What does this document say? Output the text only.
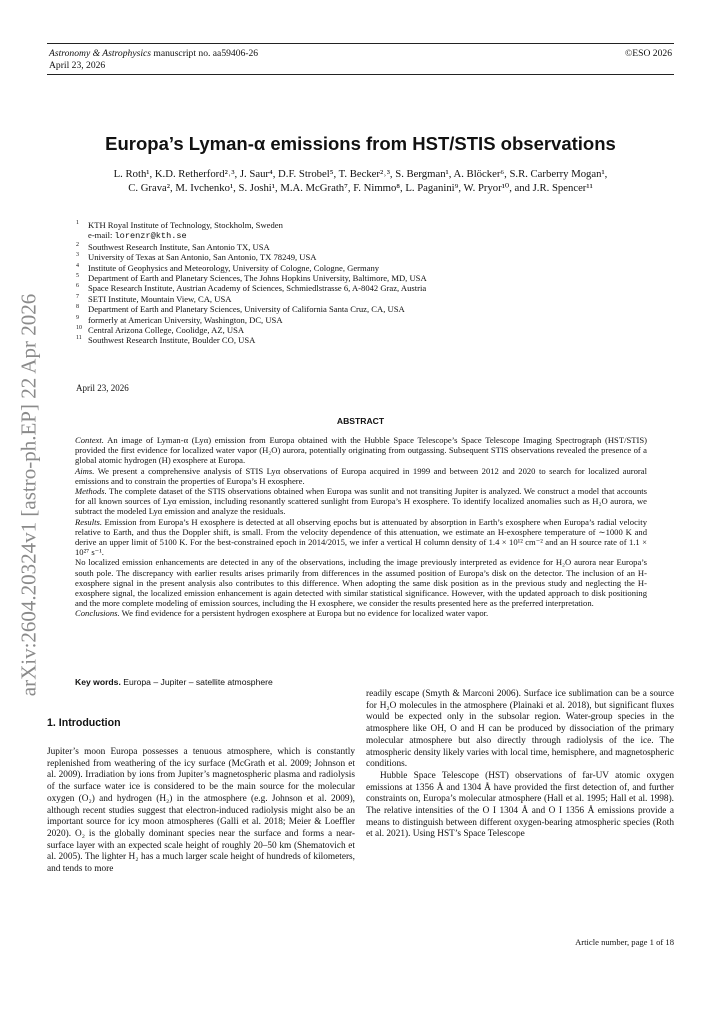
Astronomy & Astrophysics manuscript no. aa59406-26
April 23, 2026
©ESO 2026
arXiv:2604.20324v1 [astro-ph.EP] 22 Apr 2026
Europa’s Lyman-α emissions from HST/STIS observations
L. Roth¹, K.D. Retherford²˒³, J. Saur⁴, D.F. Strobel⁵, T. Becker²˒³, S. Bergman¹, A. Blöcker⁶, S.R. Carberry Mogan¹,
C. Grava², M. Ivchenko¹, S. Joshi¹, M.A. McGrath⁷, F. Nimmo⁸, L. Paganini⁹, W. Pryor¹⁰, and J.R. Spencer¹¹
1 KTH Royal Institute of Technology, Stockholm, Sweden
e-mail: lorenzr@kth.se
2 Southwest Research Institute, San Antonio TX, USA
3 University of Texas at San Antonio, San Antonio, TX 78249, USA
4 Institute of Geophysics and Meteorology, University of Cologne, Cologne, Germany
5 Department of Earth and Planetary Sciences, The Johns Hopkins University, Baltimore, MD, USA
6 Space Research Institute, Austrian Academy of Sciences, Schmiedlstrasse 6, A-8042 Graz, Austria
7 SETI Institute, Mountain View, CA, USA
8 Department of Earth and Planetary Sciences, University of California Santa Cruz, CA, USA
9 formerly at American University, Washington, DC, USA
10 Central Arizona College, Coolidge, AZ, USA
11 Southwest Research Institute, Boulder CO, USA
April 23, 2026
ABSTRACT

Context. An image of Lyman-α (Lyα) emission from Europa obtained with the Hubble Space Telescope’s Space Telescope Imaging Spectrograph (HST/STIS) provided the first evidence for localized water vapor (H₂O) aurora, potentially originating from outgassing. Subsequent STIS observations revealed the presence of a global atomic hydrogen (H) exosphere at Europa.

Aims. We present a comprehensive analysis of STIS Lyα observations of Europa acquired in 1999 and between 2012 and 2020 to search for localized auroral emissions and to constrain the properties of Europa’s H exosphere.

Methods. The complete dataset of the STIS observations obtained when Europa was sunlit and not transiting Jupiter is analyzed. We construct a model that accounts for all known sources of Lyα emission, including resonantly scattered sunlight from Europa’s H exosphere. To identify localized anomalies such as H₂O aurora, we subtract the modeled Lyα emission and analyze the residuals.

Results. Emission from Europa’s H exosphere is detected at all observing epochs but is attenuated by absorption in Earth’s exosphere when Europa’s radial velocity relative to Earth, and thus the Doppler shift, is small. From the velocity dependence of this attenuation, we estimate an H-exosphere temperature of ∼1000 K and derive an upper limit of 5100 K. For the best-constrained epoch in 2014/2015, we infer a vertical H column density of 1.4 × 10¹² cm⁻² and an H source rate of 1.1 × 10²⁷ s⁻¹.

No localized emission enhancements are detected in any of the observations, including the image previously interpreted as evidence for H₂O aurora near Europa’s south pole. The discrepancy with earlier results arises primarily from differences in the assumed position of Europa’s disk on the detector. The inclusion of an H-exosphere signal in the present analysis also contributes to this difference. When adopting the same disk position as in the previous study and neglecting the H-exosphere signal, the localized emission enhancement is again detected with similar statistical significance. However, with the updated approach to disk positioning and the more complete modeling of emission sources, including the H exosphere, we consider the results presented here as the preferred interpretation.

Conclusions. We find evidence for a persistent hydrogen exosphere at Europa but no evidence for localized water vapor.

Key words. Europa – Jupiter – satellite atmosphere
1. Introduction

Jupiter’s moon Europa possesses a tenuous atmosphere, which is constantly replenished from weathering of the icy surface (McGrath et al. 2009; Johnson et al. 2009). Irradiation by ions from Jupiter’s magnetospheric plasma and radiolysis of the surface water ice is considered to be the main source for the molecular oxygen (O₂) and hydrogen (H₂) in the atmosphere (e.g. Johnson et al. 2009), although recent studies suggest that electron-induced radiolysis might also be an important source for icy moon atmospheres (Galli et al. 2018; Meier & Loeffler 2020). O₂ is the globally dominant species near the surface and forms a near-surface layer with an expected scale height of roughly 20–50 km (Shematovich et al. 2005). The lighter H₂ has a much larger scale height of hundreds of kilometers, and tends to more

readily escape (Smyth & Marconi 2006). Surface ice sublimation can be a source for H₂O molecules in the atmosphere (Plainaki et al. 2018), but significant fluxes would be expected only in the subsolar region. Water-group species in the atmosphere like OH, O and H can be produced by dissociation of the primary molecular atmosphere but also directly through radiolysis of the ice. The atmospheric density likely varies with local time, hemisphere, and magnetospheric conditions.

Hubble Space Telescope (HST) observations of far-UV atomic oxygen emissions at 1356 Å and 1304 Å have provided the first detection of, and further constraints on, Europa’s molecular atmosphere (Hall et al. 1995; Hall et al. 1998). The relative intensities of the O I 1304 Å and O I 1356 Å emissions provide a means to distinguish between different oxygen-bearing atmospheric species (Roth et al. 2021). Using HST’s Space Telescope

Article number, page 1 of 18
